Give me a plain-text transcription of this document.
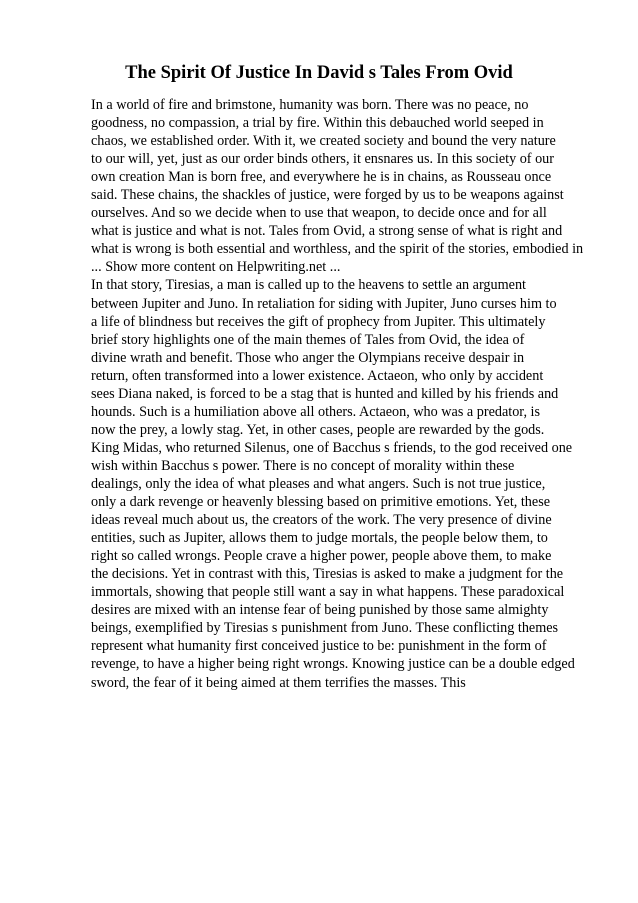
The Spirit Of Justice In David s Tales From Ovid
In a world of fire and brimstone, humanity was born. There was no peace, no
goodness, no compassion, a trial by fire. Within this debauched world seeped in
chaos, we established order. With it, we created society and bound the very nature
to our will, yet, just as our order binds others, it ensnares us. In this society of our
own creation Man is born free, and everywhere he is in chains, as Rousseau once
said. These chains, the shackles of justice, were forged by us to be weapons against
ourselves. And so we decide when to use that weapon, to decide once and for all
what is justice and what is not. Tales from Ovid, a strong sense of what is right and
what is wrong is both essential and worthless, and the spirit of the stories, embodied in
... Show more content on Helpwriting.net ...
In that story, Tiresias, a man is called up to the heavens to settle an argument
between Jupiter and Juno. In retaliation for siding with Jupiter, Juno curses him to
a life of blindness but receives the gift of prophecy from Jupiter. This ultimately
brief story highlights one of the main themes of Tales from Ovid, the idea of
divine wrath and benefit. Those who anger the Olympians receive despair in
return, often transformed into a lower existence. Actaeon, who only by accident
sees Diana naked, is forced to be a stag that is hunted and killed by his friends and
hounds. Such is a humiliation above all others. Actaeon, who was a predator, is
now the prey, a lowly stag. Yet, in other cases, people are rewarded by the gods.
King Midas, who returned Silenus, one of Bacchus s friends, to the god received one
wish within Bacchus s power. There is no concept of morality within these
dealings, only the idea of what pleases and what angers. Such is not true justice,
only a dark revenge or heavenly blessing based on primitive emotions. Yet, these
ideas reveal much about us, the creators of the work. The very presence of divine
entities, such as Jupiter, allows them to judge mortals, the people below them, to
right so called wrongs. People crave a higher power, people above them, to make
the decisions. Yet in contrast with this, Tiresias is asked to make a judgment for the
immortals, showing that people still want a say in what happens. These paradoxical
desires are mixed with an intense fear of being punished by those same almighty
beings, exemplified by Tiresias s punishment from Juno. These conflicting themes
represent what humanity first conceived justice to be: punishment in the form of
revenge, to have a higher being right wrongs. Knowing justice can be a double edged
sword, the fear of it being aimed at them terrifies the masses. This
